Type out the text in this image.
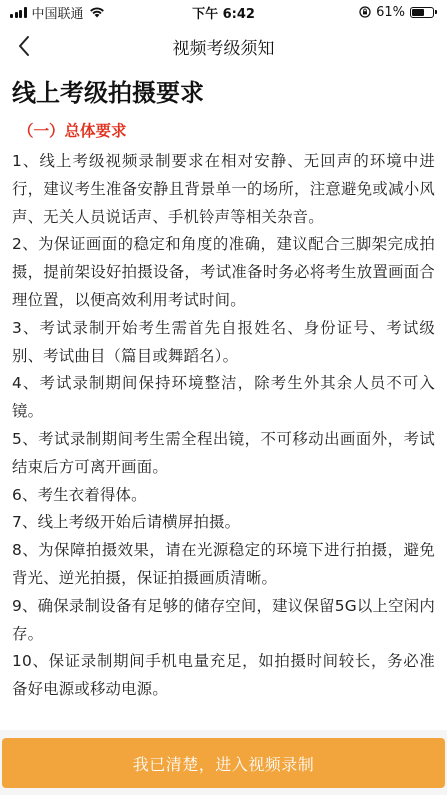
中国联通	下午 6:42	61%
视频考级须知
线上考级拍摄要求
（一）总体要求
1、线上考级视频录制要求在相对安静、无回声的环境中进行，建议考生准备安静且背景单一的场所，注意避免或减小风声、无关人员说话声、手机铃声等相关杂音。
2、为保证画面的稳定和角度的准确，建议配合三脚架完成拍摄，提前架设好拍摄设备，考试准备时务必将考生放置画面合理位置，以便高效利用考试时间。
3、考试录制开始考生需首先自报姓名、身份证号、考试级别、考试曲目（篇目或舞蹈名）。
4、考试录制期间保持环境整洁，除考生外其余人员不可入镜。
5、考试录制期间考生需全程出镜，不可移动出画面外，考试结束后方可离开画面。
6、考生衣着得体。
7、线上考级开始后请横屏拍摄。
8、为保障拍摄效果，请在光源稳定的环境下进行拍摄，避免背光、逆光拍摄，保证拍摄画质清晰。
9、确保录制设备有足够的储存空间，建议保留5G以上空闲内存。
10、保证录制期间手机电量充足，如拍摄时间较长，务必准备好电源或移动电源。
我已清楚，进入视频录制
